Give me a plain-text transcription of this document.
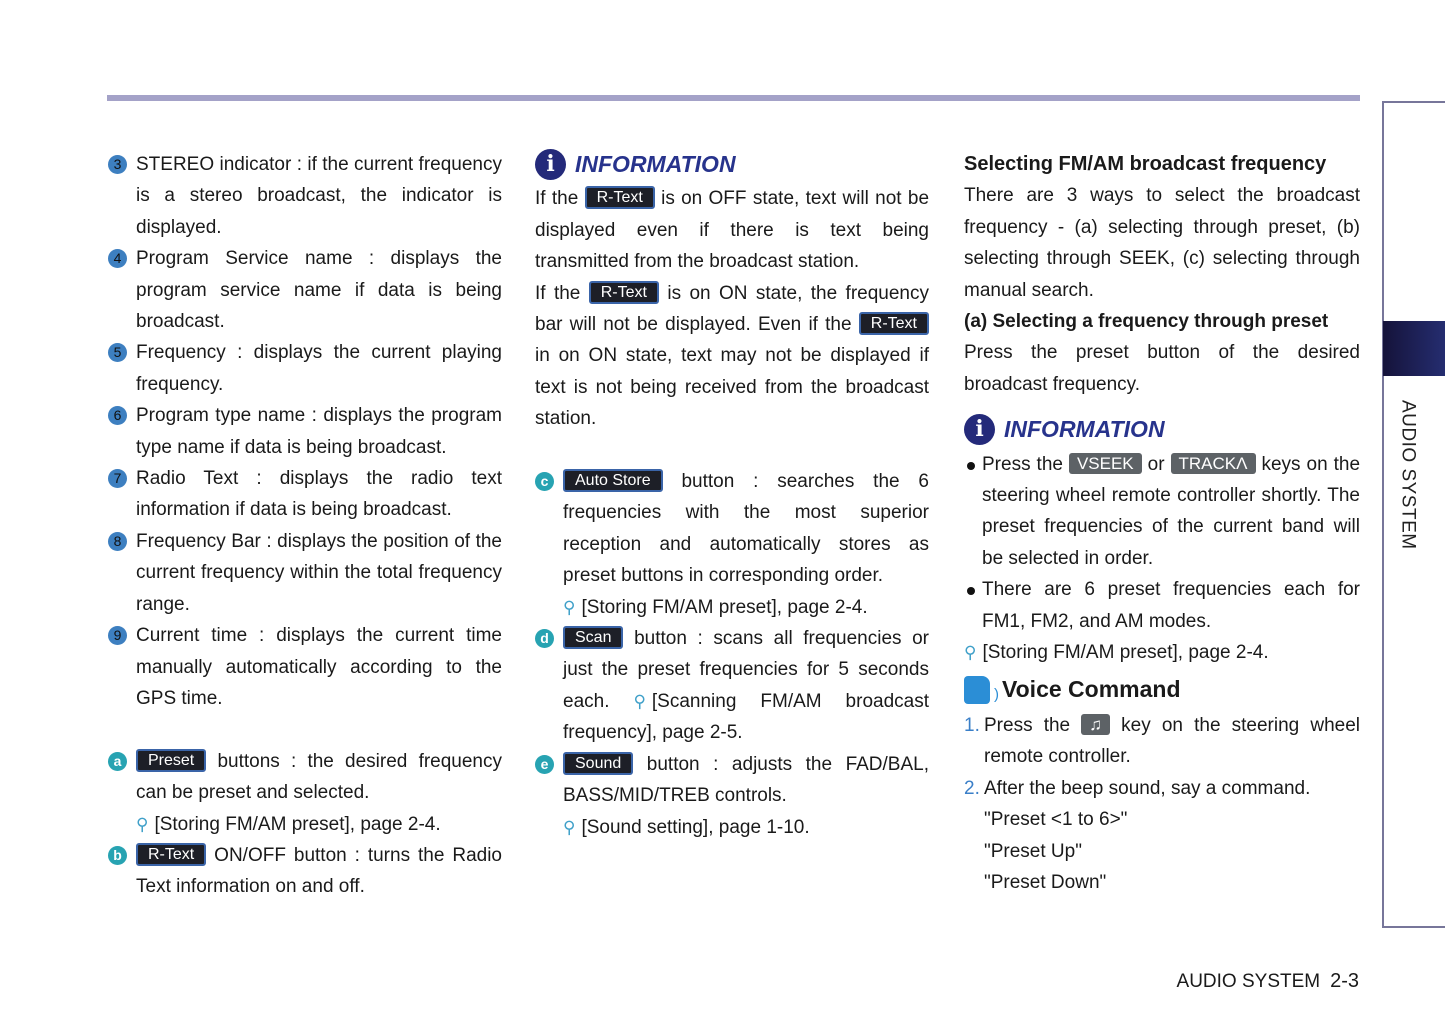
AUDIO SYSTEM
3 STEREO indicator : if the current frequency is a stereo broadcast, the indicator is displayed.
4 Program Service name : displays the program service name if data is being broadcast.
5 Frequency : displays the current playing frequency.
6 Program type name : displays the program type name if data is being broadcast.
7 Radio Text : displays the radio text information if data is being broadcast.
8 Frequency Bar : displays the position of the current frequency within the total frequency range.
9 Current time : displays the current time manually automatically according to the GPS time.
a	Preset buttons : the desired frequency can be preset and selected.
⚲ [Storing FM/AM preset], page 2-4.
b	R-Text ON/OFF button : turns the Radio Text information on and off.
i INFORMATION
If the R-Text is on OFF state, text will not be displayed even if there is text being transmitted from the broadcast station.
If the R-Text is on ON state, the frequency bar will not be displayed. Even if the R-Text in on ON state, text may not be displayed if text is not being received from the broadcast station.
c	Auto Store button : searches the 6 frequencies with the most superior reception and automatically stores as preset buttons in corresponding order.
⚲ [Storing FM/AM preset], page 2-4.
d	Scan button : scans all frequencies or just the preset frequencies for 5 seconds each. ⚲ [Scanning FM/AM broadcast frequency], page 2-5.
e	Sound button : adjusts the FAD/BAL, BASS/MID/TREB controls.
⚲ [Sound setting], page 1-10.
Selecting FM/AM broadcast frequency
There are 3 ways to select the broadcast frequency - (a) selecting through preset, (b) selecting through SEEK, (c) selecting through manual search.
(a) Selecting a frequency through preset
Press the preset button of the desired broadcast frequency.
i INFORMATION
Press the VSEEK or TRACKΛ keys on the steering wheel remote controller shortly. The preset frequencies of the current band will be selected in order.
There are 6 preset frequencies each for FM1, FM2, and AM modes.
⚲ [Storing FM/AM preset], page 2-4.
)
Voice Command
1. Press the ♫ key on the steering wheel remote controller.
2. After the beep sound, say a command.
"Preset <1 to 6>"
"Preset Up"
"Preset Down"
AUDIO SYSTEM 2-3
